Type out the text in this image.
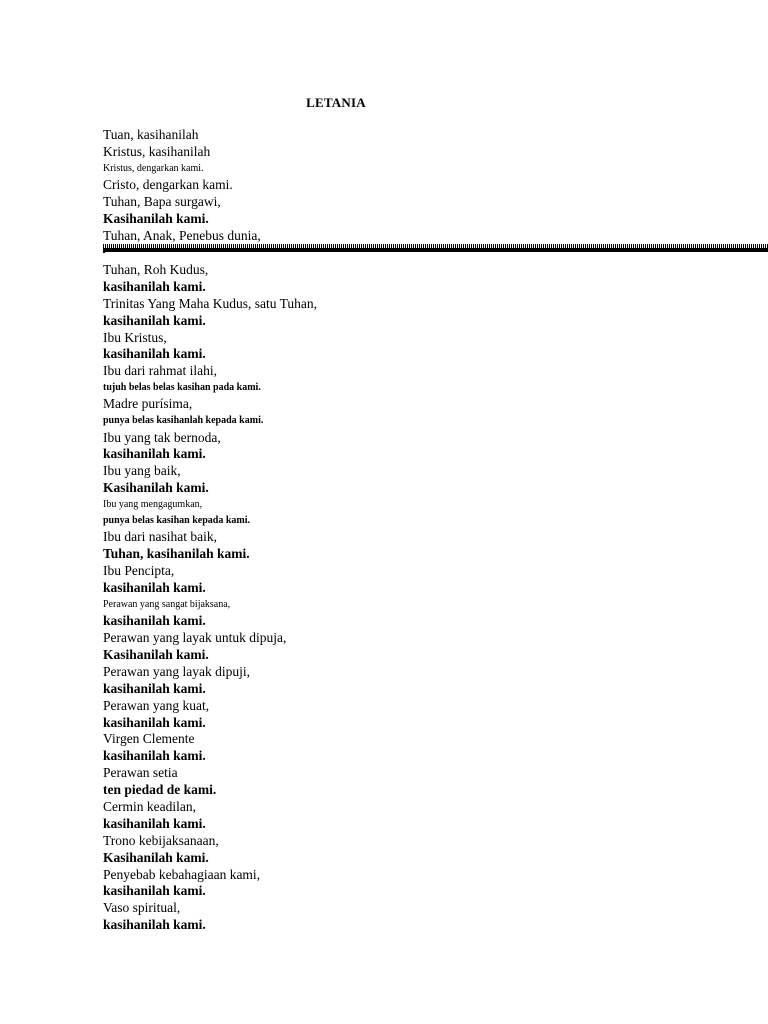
LETANIA
Tuan, kasihanilah
Kristus, kasihanilah
Kristus, dengarkan kami.
Cristo, dengarkan kami.
Tuhan, Bapa surgawi,
Kasihanilah kami.
Tuhan, Anak, Penebus dunia,
Tuhan, Roh Kudus,
kasihanilah kami.
Trinitas Yang Maha Kudus, satu Tuhan,
kasihanilah kami.
Ibu Kristus,
kasihanilah kami.
Ibu dari rahmat ilahi,
tujuh belas belas kasihan pada kami.
Madre purísima,
punya belas kasihanlah kepada kami.
Ibu yang tak bernoda,
kasihanilah kami.
Ibu yang baik,
Kasihanilah kami.
Ibu yang mengagumkan,
punya belas kasihan kepada kami.
Ibu dari nasihat baik,
Tuhan, kasihanilah kami.
Ibu Pencipta,
kasihanilah kami.
Perawan yang sangat bijaksana,
kasihanilah kami.
Perawan yang layak untuk dipuja,
Kasihanilah kami.
Perawan yang layak dipuji,
kasihanilah kami.
Perawan yang kuat,
kasihanilah kami.
Virgen Clemente
kasihanilah kami.
Perawan setia
ten piedad de kami.
Cermin keadilan,
kasihanilah kami.
Trono kebijaksanaan,
Kasihanilah kami.
Penyebab kebahagiaan kami,
kasihanilah kami.
Vaso spiritual,
kasihanilah kami.
